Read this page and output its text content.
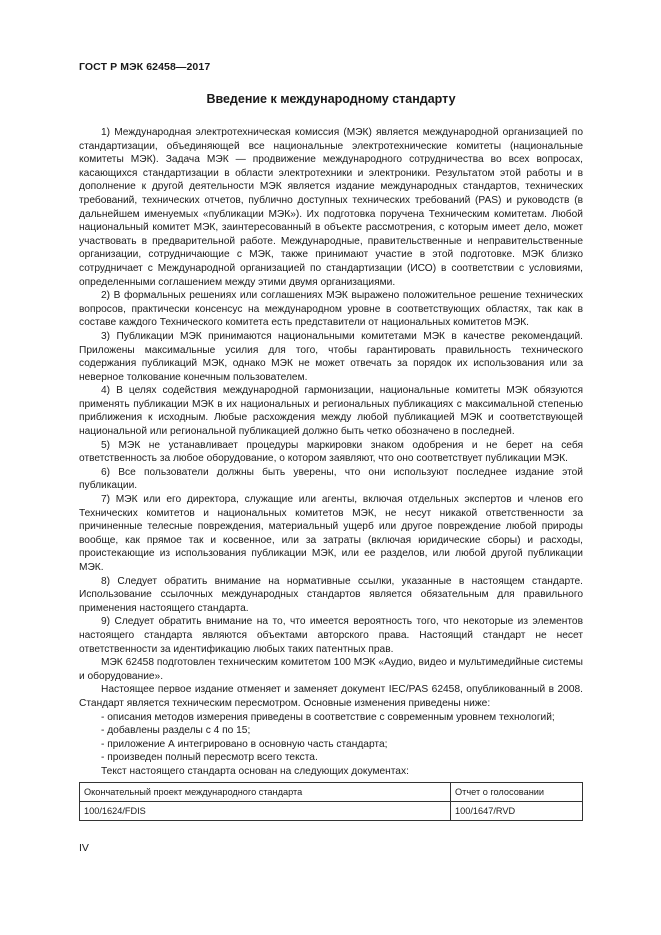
ГОСТ Р МЭК 62458—2017
Введение к международному стандарту

1) Международная электротехническая комиссия (МЭК) является международной организацией по стандартизации, объединяющей все национальные электротехнические комитеты (национальные комитеты МЭК). Задача МЭК — продвижение международного сотрудничества во всех вопросах, касающихся стандартизации в области электротехники и электроники. Результатом этой работы и в дополнение к другой деятельности МЭК является издание международных стандартов, технических требований, технических отчетов, публично доступных технических требований (PAS) и руководств (в дальнейшем именуемых «публикации МЭК»). Их подготовка поручена Техническим комитетам. Любой национальный комитет МЭК, заинтересованный в объекте рассмотрения, с которым имеет дело, может участвовать в предварительной работе. Международные, правительственные и неправительственные организации, сотрудничающие с МЭК, также принимают участие в этой подготовке. МЭК близко сотрудничает с Международной организацией по стандартизации (ИСО) в соответствии с условиями, определенными соглашением между этими двумя организациями.

2) В формальных решениях или соглашениях МЭК выражено положительное решение технических вопросов, практически консенсус на международном уровне в соответствующих областях, так как в составе каждого Технического комитета есть представители от национальных комитетов МЭК.

3) Публикации МЭК принимаются национальными комитетами МЭК в качестве рекомендаций. Приложены максимальные усилия для того, чтобы гарантировать правильность технического содержания публикаций МЭК, однако МЭК не может отвечать за порядок их использования или за неверное толкование конечным пользователем.

4) В целях содействия международной гармонизации, национальные комитеты МЭК обязуются применять публикации МЭК в их национальных и региональных публикациях с максимальной степенью приближения к исходным. Любые расхождения между любой публикацией МЭК и соответствующей национальной или региональной публикацией должно быть четко обозначено в последней.

5) МЭК не устанавливает процедуры маркировки знаком одобрения и не берет на себя ответственность за любое оборудование, о котором заявляют, что оно соответствует публикации МЭК.

6) Все пользователи должны быть уверены, что они используют последнее издание этой публикации.

7) МЭК или его директора, служащие или агенты, включая отдельных экспертов и членов его Технических комитетов и национальных комитетов МЭК, не несут никакой ответственности за причиненные телесные повреждения, материальный ущерб или другое повреждение любой природы вообще, как прямое так и косвенное, или за затраты (включая юридические сборы) и расходы, проистекающие из использования публикации МЭК, или ее разделов, или любой другой публикации МЭК.

8) Следует обратить внимание на нормативные ссылки, указанные в настоящем стандарте. Использование ссылочных международных стандартов является обязательным для правильного применения настоящего стандарта.

9) Следует обратить внимание на то, что имеется вероятность того, что некоторые из элементов настоящего стандарта являются объектами авторского права. Настоящий стандарт не несет ответственности за идентификацию любых таких патентных прав.

МЭК 62458 подготовлен техническим комитетом 100 МЭК «Аудио, видео и мультимедийные системы и оборудование».

Настоящее первое издание отменяет и заменяет документ IEC/PAS 62458, опубликованный в 2008. Стандарт является техническим пересмотром. Основные изменения приведены ниже:

- описания методов измерения приведены в соответствие с современным уровнем технологий;

- добавлены разделы с 4 по 15;

- приложение А интегрировано в основную часть стандарта;

- произведен полный пересмотр всего текста.

Текст настоящего стандарта основан на следующих документах:

Окончательный проект международного стандарта	Отчет о голосовании
100/1624/FDIS	100/1647/RVD
IV
